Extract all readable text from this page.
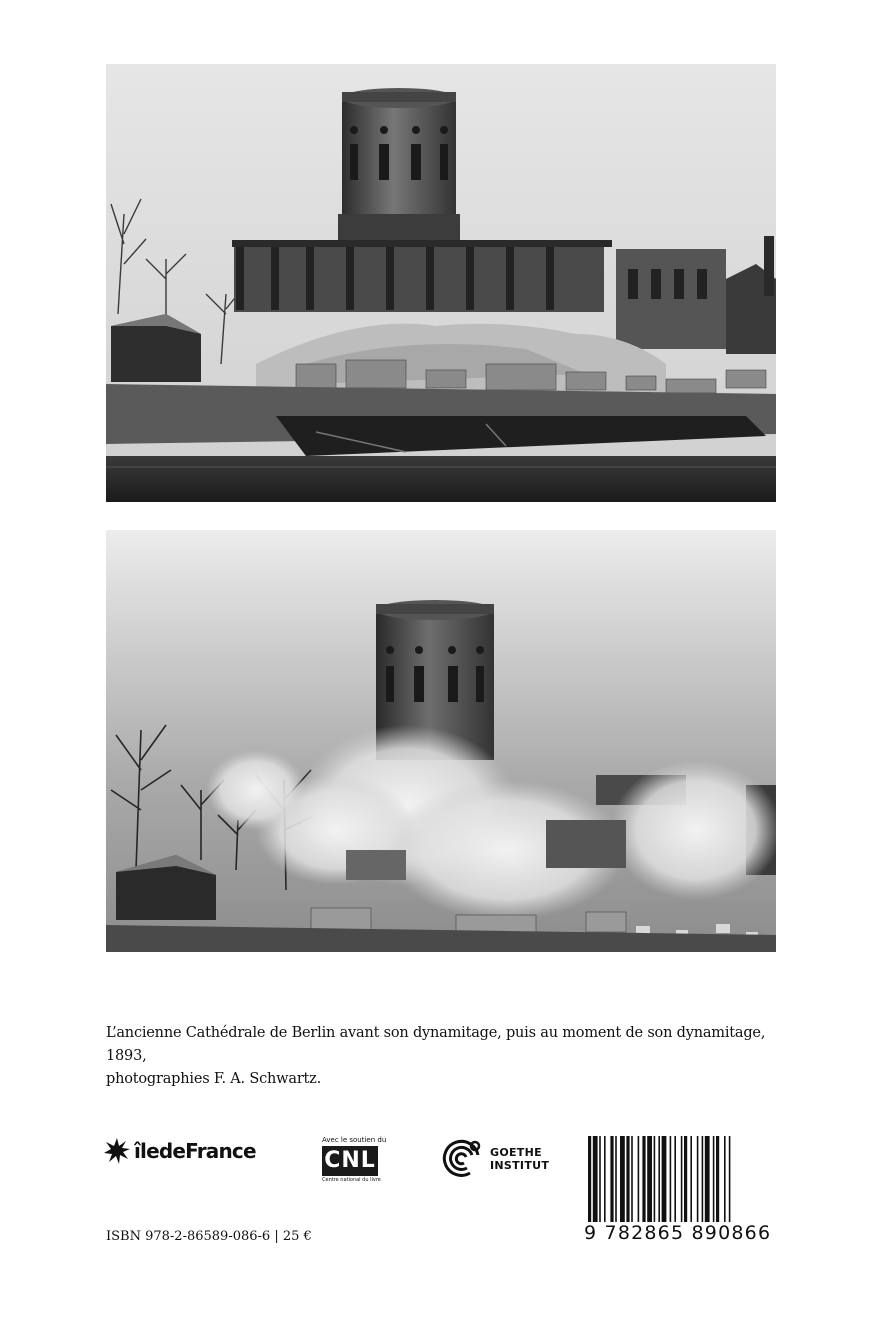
L’ancienne Cathédrale de Berlin avant son dynamitage, puis au moment de son dynamitage, 1893,
photographies F. A. Schwartz.
îledeFrance	Avec le soutien du
CNL
Centre national du livre
GOETHE
INSTITUT
9 782865 890866
ISBN 978-2-86589-086-6 | 25 €
